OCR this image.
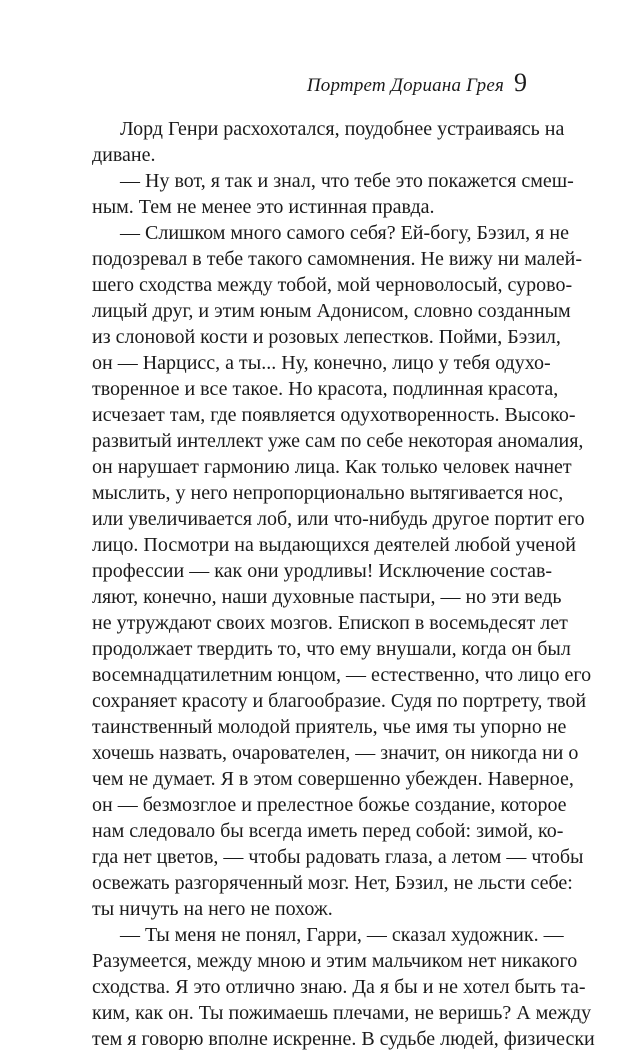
Портрет Дориана Грея 9
Лорд Генри расхохотался, поудобнее устраиваясь на
диване.
— Ну вот, я так и знал, что тебе это покажется смеш-
ным. Тем не менее это истинная правда.
— Слишком много самого себя? Ей-богу, Бэзил, я не
подозревал в тебе такого самомнения. Не вижу ни малей-
шего сходства между тобой, мой черноволосый, сурово-
лицый друг, и этим юным Адонисом, словно созданным
из слоновой кости и розовых лепестков. Пойми, Бэзил,
он — Нарцисс, а ты... Ну, конечно, лицо у тебя одухо-
творенное и все такое. Но красота, подлинная красота,
исчезает там, где появляется одухотворенность. Высоко-
развитый интеллект уже сам по себе некоторая аномалия,
он нарушает гармонию лица. Как только человек начнет
мыслить, у него непропорционально вытягивается нос,
или увеличивается лоб, или что-нибудь другое портит его
лицо. Посмотри на выдающихся деятелей любой ученой
профессии — как они уродливы! Исключение состав-
ляют, конечно, наши духовные пастыри, — но эти ведь
не утруждают своих мозгов. Епископ в восемьдесят лет
продолжает твердить то, что ему внушали, когда он был
восемнадцатилетним юнцом, — естественно, что лицо его
сохраняет красоту и благообразие. Судя по портрету, твой
таинственный молодой приятель, чье имя ты упорно не
хочешь назвать, очарователен, — значит, он никогда ни о
чем не думает. Я в этом совершенно убежден. Наверное,
он — безмозглое и прелестное божье создание, которое
нам следовало бы всегда иметь перед собой: зимой, ко-
гда нет цветов, — чтобы радовать глаза, а летом — чтобы
освежать разгоряченный мозг. Нет, Бэзил, не льсти себе:
ты ничуть на него не похож.
— Ты меня не понял, Гарри, — сказал художник. —
Разумеется, между мною и этим мальчиком нет никакого
сходства. Я это отлично знаю. Да я бы и не хотел быть та-
ким, как он. Ты пожимаешь плечами, не веришь? А между
тем я говорю вполне искренне. В судьбе людей, физически
